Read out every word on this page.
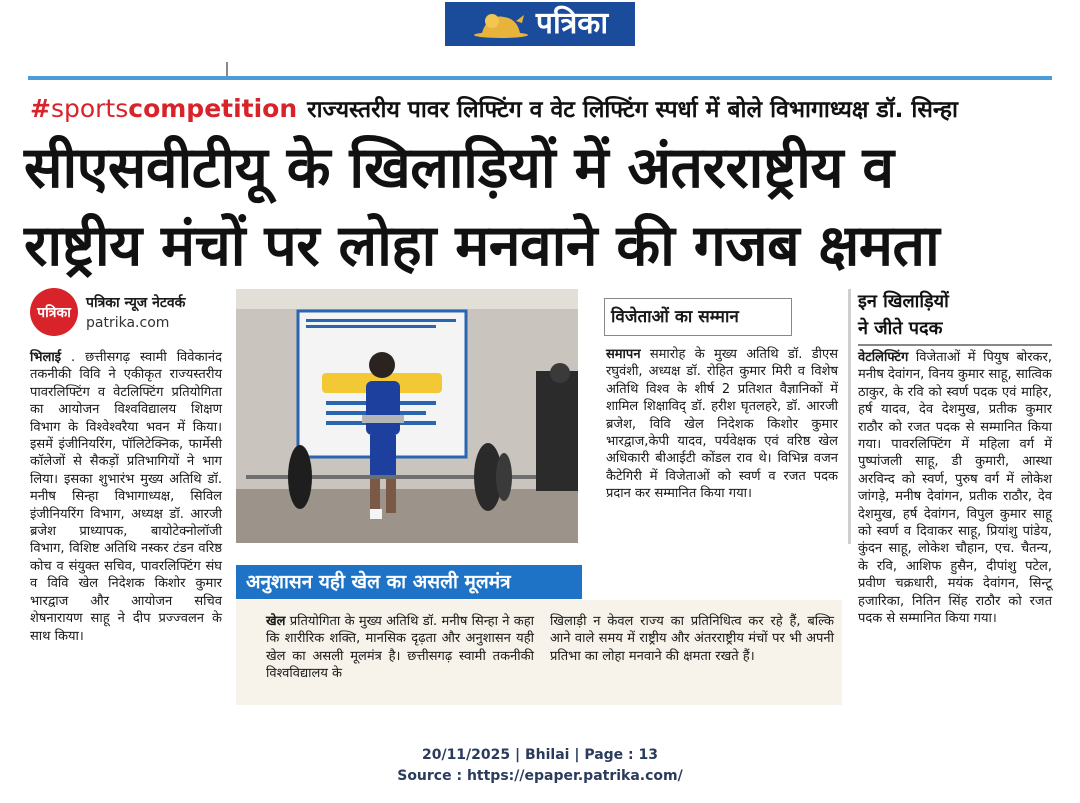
पत्रिका
# sports competition राज्यस्तरीय पावर लिफ्टिंग व वेट लिफ्टिंग स्पर्धा में बोले विभागाध्यक्ष डॉ. सिन्हा
सीएसवीटीयू के खिलाड़ियों में अंतरराष्ट्रीय व
राष्ट्रीय मंचों पर लोहा मनवाने की गजब क्षमता
पत्रिका
पत्रिका न्यूज नेटवर्क
patrika.com
भिलाई . छत्तीसगढ़ स्वामी विवेकानंद तकनीकी विवि ने एकीकृत राज्यस्तरीय पावरलिफ्टिंग व वेटलिफ्टिंग प्रतियोगिता का आयोजन विश्वविद्यालय शिक्षण विभाग के विश्वेश्वरैया भवन में किया। इसमें इंजीनियरिंग, पॉलिटेक्निक, फार्मेसी कॉलेजों से सैकड़ों प्रतिभागियों ने भाग लिया। इसका शुभारंभ मुख्य अतिथि डॉ. मनीष सिन्हा विभागाध्यक्ष, सिविल इंजीनियरिंग विभाग, अध्यक्ष डॉ. आरजी ब्रजेश प्राध्यापक, बायोटेक्नोलॉजी विभाग, विशिष्ट अतिथि नस्कर टंडन वरिष्ठ कोच व संयुक्त सचिव, पावरलिफ्टिंग संघ व विवि खेल निदेशक किशोर कुमार भारद्वाज और आयोजन सचिव शेषनारायण साहू ने दीप प्रज्ज्वलन के साथ किया।
विजेताओं का सम्मान
समापन समारोह के मुख्य अतिथि डॉ. डीएस रघुवंशी, अध्यक्ष डॉ. रोहित कुमार मिरी व विशेष अतिथि विश्व के शीर्ष 2 प्रतिशत वैज्ञानिकों में शामिल शिक्षाविद् डॉ. हरीश घृतलहरे, डॉ. आरजी ब्रजेश, विवि खेल निदेशक किशोर कुमार भारद्वाज,केपी यादव, पर्यवेक्षक एवं वरिष्ठ खेल अधिकारी बीआईटी कोंडल राव थे। विभिन्न वजन कैटेगिरी में विजेताओं को स्वर्ण व रजत पदक प्रदान कर सम्मानित किया गया।
इन खिलाड़ियों
ने जीते पदक
वेटलिफ्टिंग विजेताओं में पियुष बोरकर, मनीष देवांगन, विनय कुमार साहू, सात्विक ठाकुर, के रवि को स्वर्ण पदक एवं माहिर, हर्ष यादव, देव देशमुख, प्रतीक कुमार राठौर को रजत पदक से सम्मानित किया गया। पावरलिफ्टिंग में महिला वर्ग में पुष्पांजली साहू, डी कुमारी, आस्था अरविन्द को स्वर्ण, पुरुष वर्ग में लोकेश जांगड़े, मनीष देवांगन, प्रतीक राठौर, देव देशमुख, हर्ष देवांगन, विपुल कुमार साहू को स्वर्ण व दिवाकर साहू, प्रियांशु पांडेय, कुंदन साहू, लोकेश चौहान, एच. चैतन्य, के रवि, आशिफ हुसैन, दीपांशु पटेल, प्रवीण चक्रधारी, मयंक देवांगन, सिन्टू हजारिका, नितिन सिंह राठौर को रजत पदक से सम्मानित किया गया।
अनुशासन यही खेल का असली मूलमंत्र
खेल प्रतियोगिता के मुख्य अतिथि डॉ. मनीष सिन्हा ने कहा कि शारीरिक शक्ति, मानसिक दृढ़ता और अनुशासन यही खेल का असली मूलमंत्र है। छत्तीसगढ़ स्वामी तकनीकी विश्वविद्यालय के
खिलाड़ी न केवल राज्य का प्रतिनिधित्व कर रहे हैं, बल्कि आने वाले समय में राष्ट्रीय और अंतरराष्ट्रीय मंचों पर भी अपनी प्रतिभा का लोहा मनवाने की क्षमता रखते हैं।
20/11/2025 | Bhilai | Page : 13
Source : https://epaper.patrika.com/
